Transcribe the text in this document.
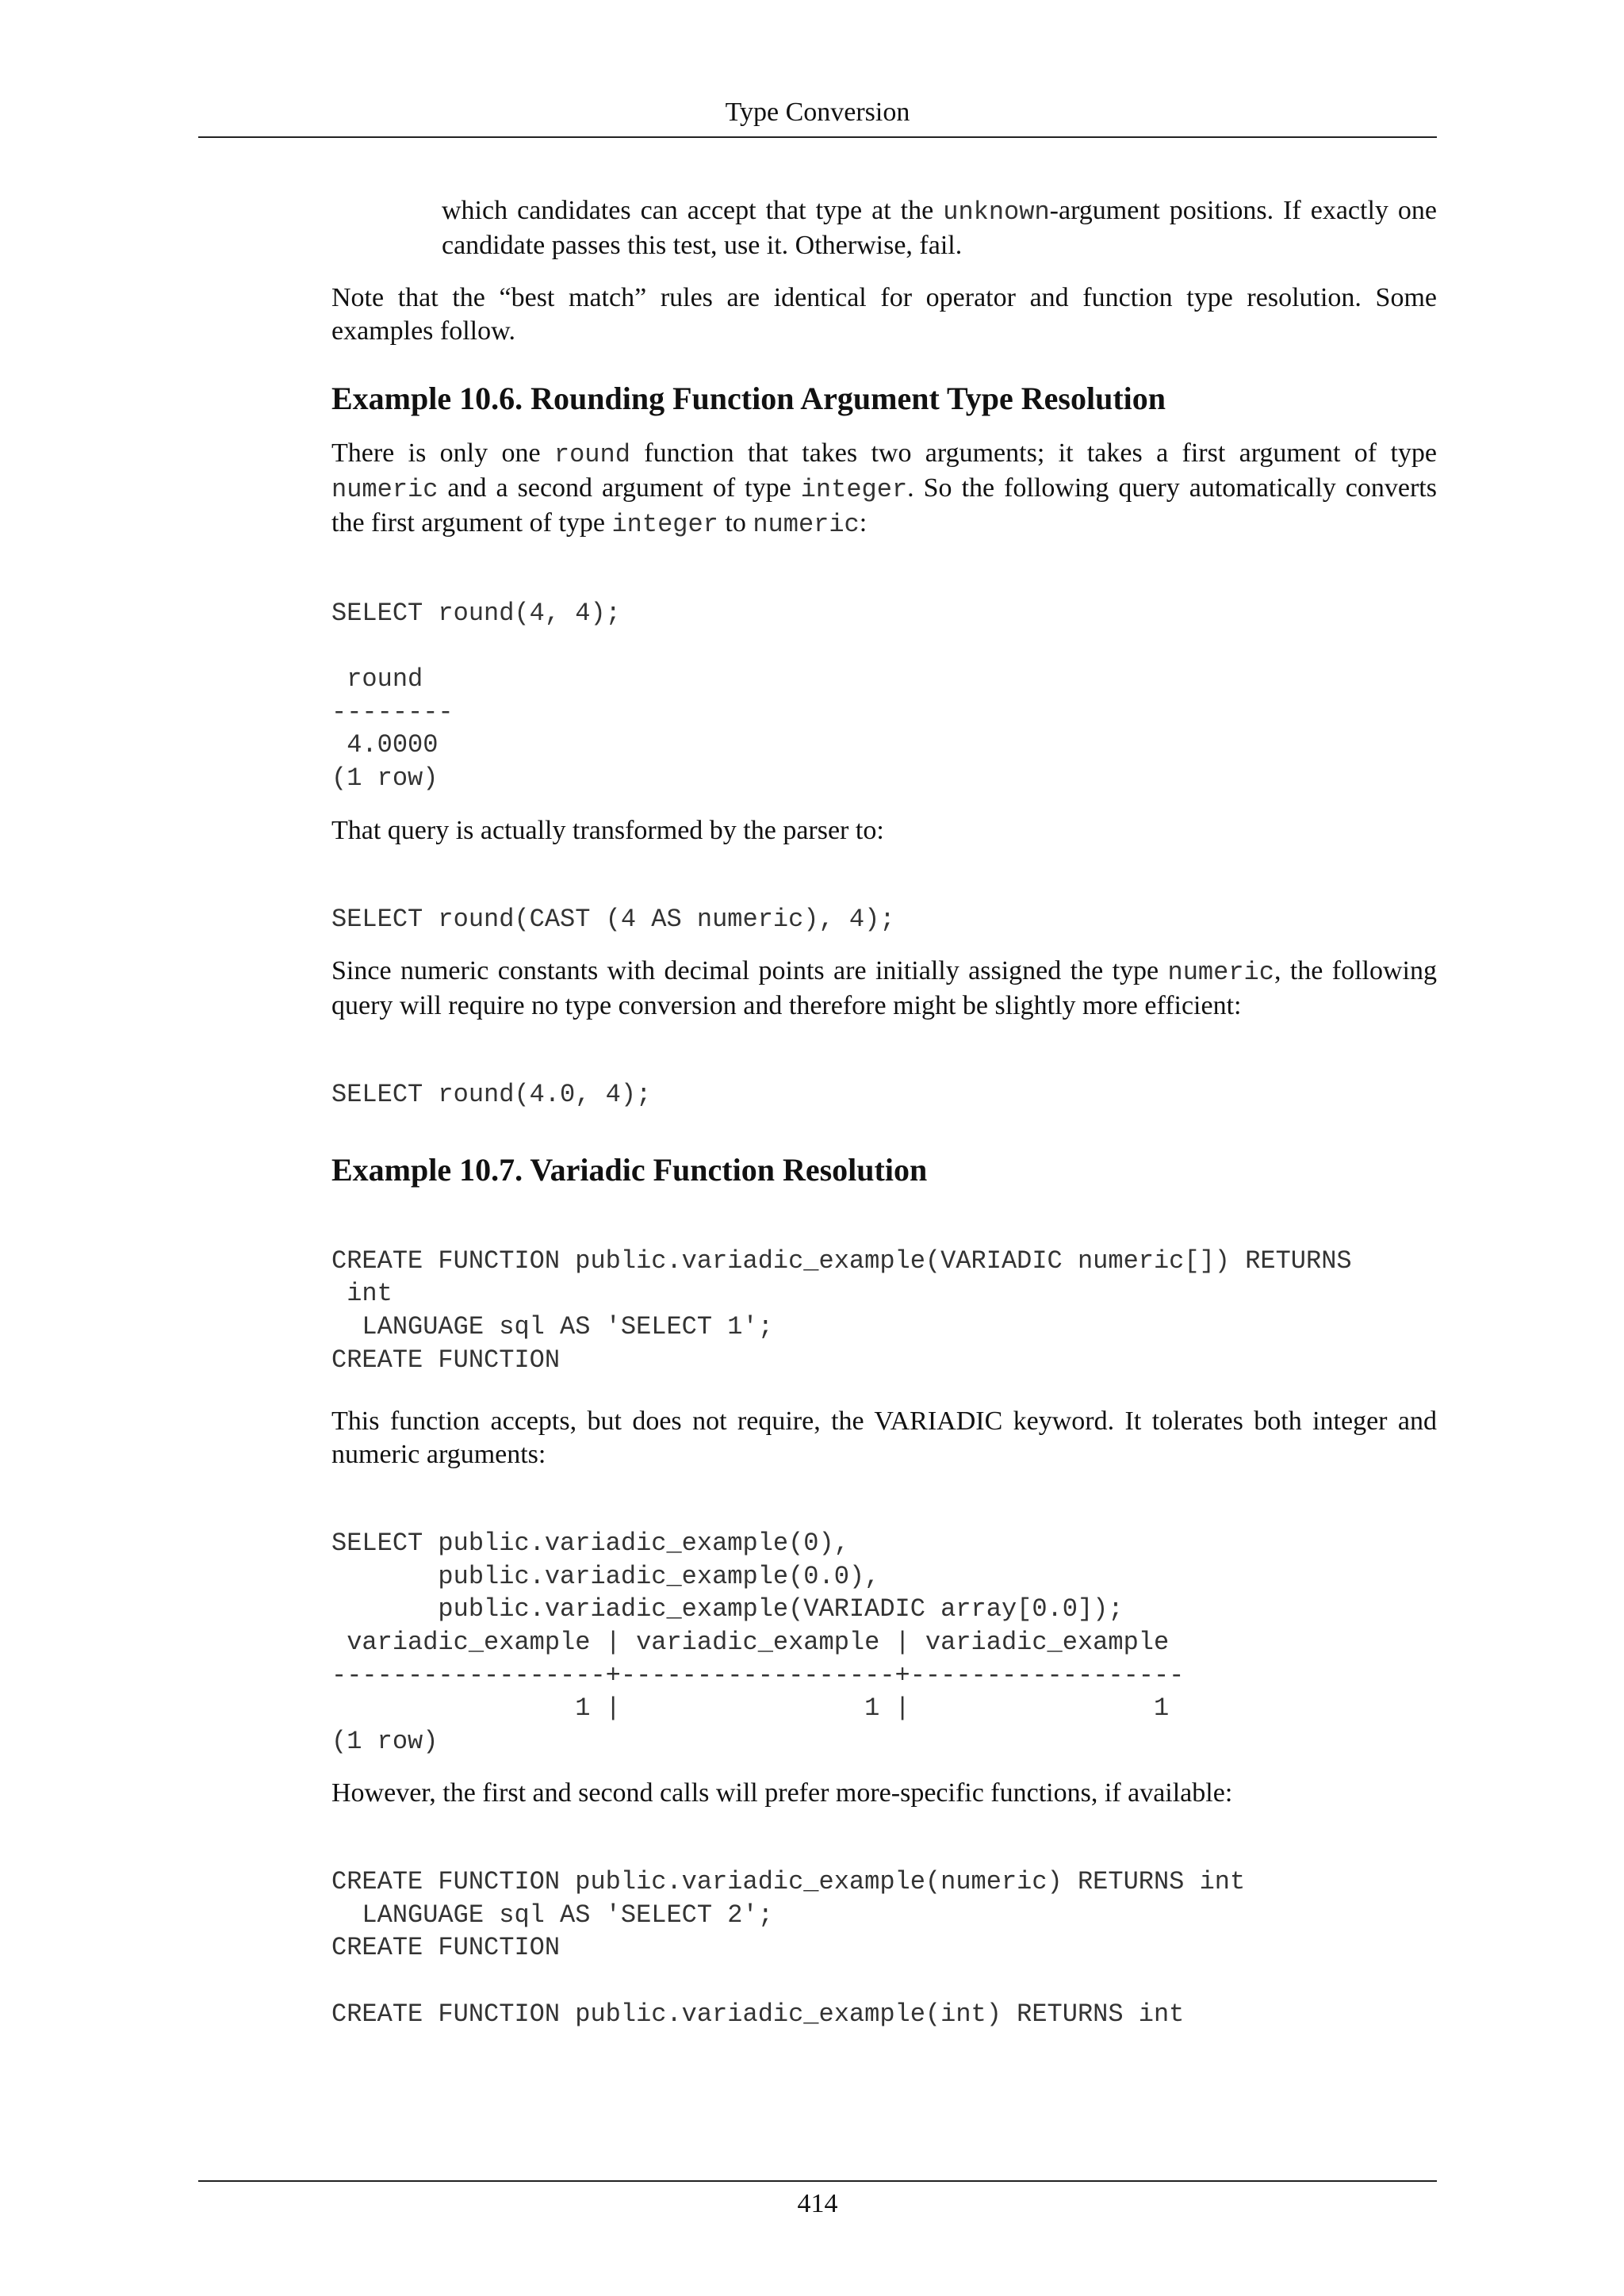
Type Conversion

which candidates can accept that type at the unknown-argument positions. If exactly one candidate passes this test, use it. Otherwise, fail.

Note that the “best match” rules are identical for operator and function type resolution. Some examples follow.

Example 10.6. Rounding Function Argument Type Resolution

There is only one round function that takes two arguments; it takes a first argument of type numeric and a second argument of type integer. So the following query automatically converts the first argument of type integer to numeric:

SELECT round(4, 4);

round
--------
4.0000
(1 row)

That query is actually transformed by the parser to:

SELECT round(CAST (4 AS numeric), 4);

Since numeric constants with decimal points are initially assigned the type numeric, the following query will require no type conversion and therefore might be slightly more efficient:

SELECT round(4.0, 4);
Example 10.7. Variadic Function Resolution
CREATE FUNCTION public.variadic_example(VARIADIC numeric[]) RETURNS
int
LANGUAGE sql AS 'SELECT 1';
CREATE FUNCTION

This function accepts, but does not require, the VARIADIC keyword. It tolerates both integer and numeric arguments:

SELECT public.variadic_example(0),
public.variadic_example(0.0),
public.variadic_example(VARIADIC array[0.0]);
variadic_example | variadic_example | variadic_example
------------------+------------------+------------------
1 |                1 |                1
(1 row)

However, the first and second calls will prefer more-specific functions, if available:

CREATE FUNCTION public.variadic_example(numeric) RETURNS int
LANGUAGE sql AS 'SELECT 2';
CREATE FUNCTION

CREATE FUNCTION public.variadic_example(int) RETURNS int
414
